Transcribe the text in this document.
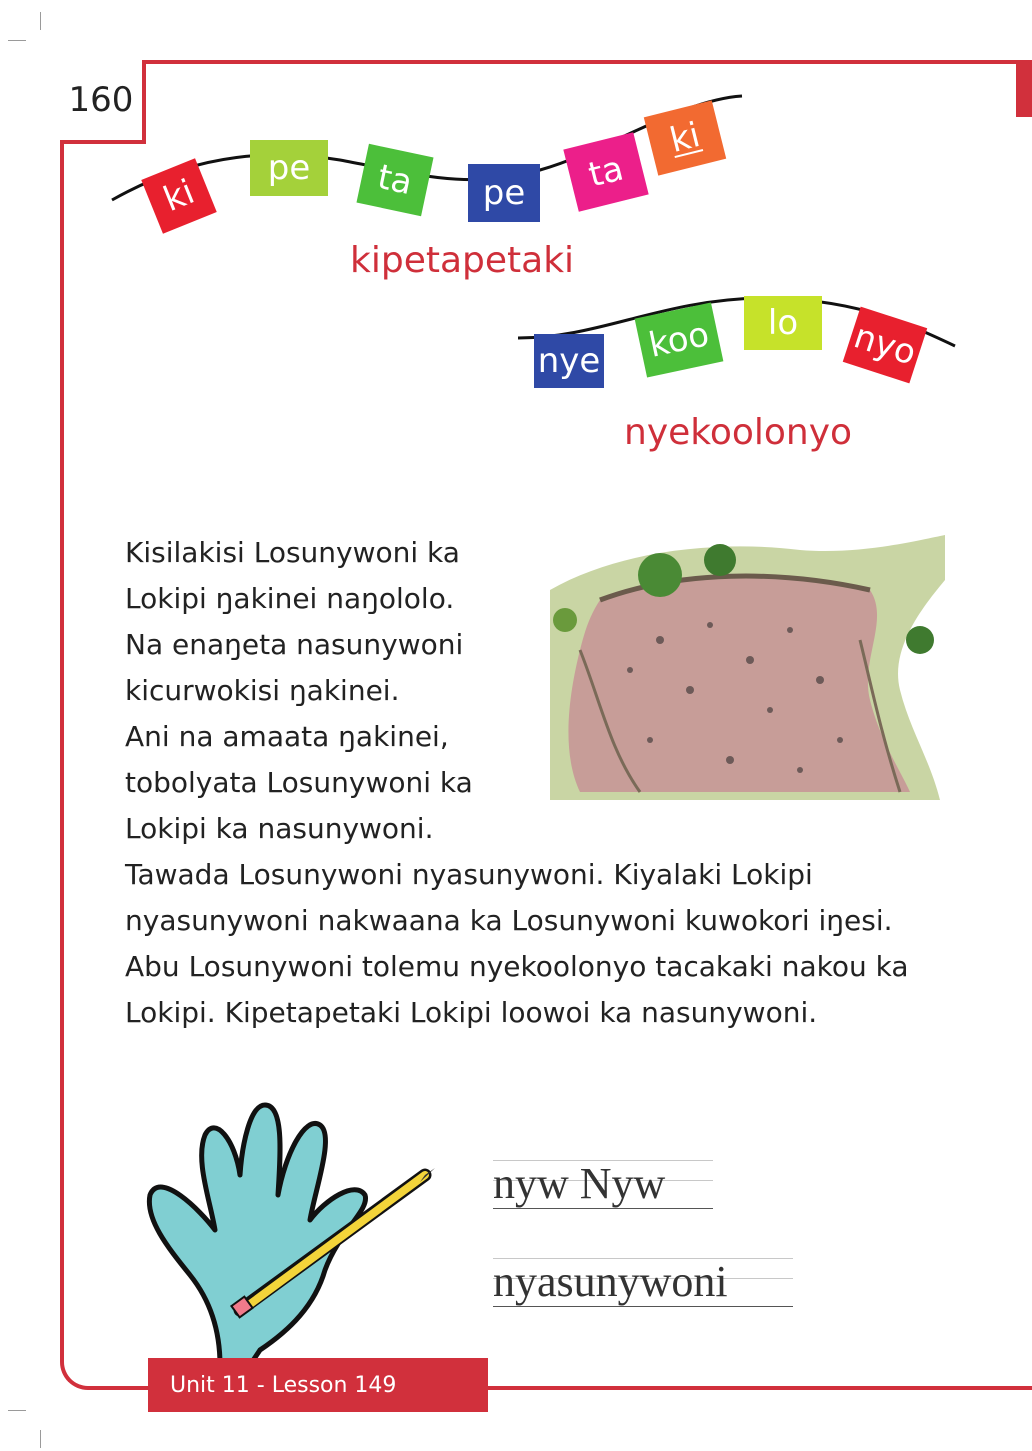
160
ki
pe ta pe ta
ki
kipetapetaki
nye koo lo nyo
nyekoolonyo
Kisilakisi Losunywoni ka
Lokipi ŋakinei naŋololo.
Na enaŋeta nasunywoni
kicurwokisi ŋakinei.
Ani na amaata ŋakinei,
tobolyata Losunywoni ka
Lokipi ka nasunywoni.
Tawada Losunywoni nyasunywoni. Kiyalaki Lokipi
nyasunywoni nakwaana ka Losunywoni kuwokori iŋesi.
Abu Losunywoni tolemu nyekoolonyo tacakaki nakou ka
Lokipi. Kipetapetaki Lokipi loowoi ka nasunywoni.
nyw Nyw
nyasunywoni
Unit 11 - Lesson 149
